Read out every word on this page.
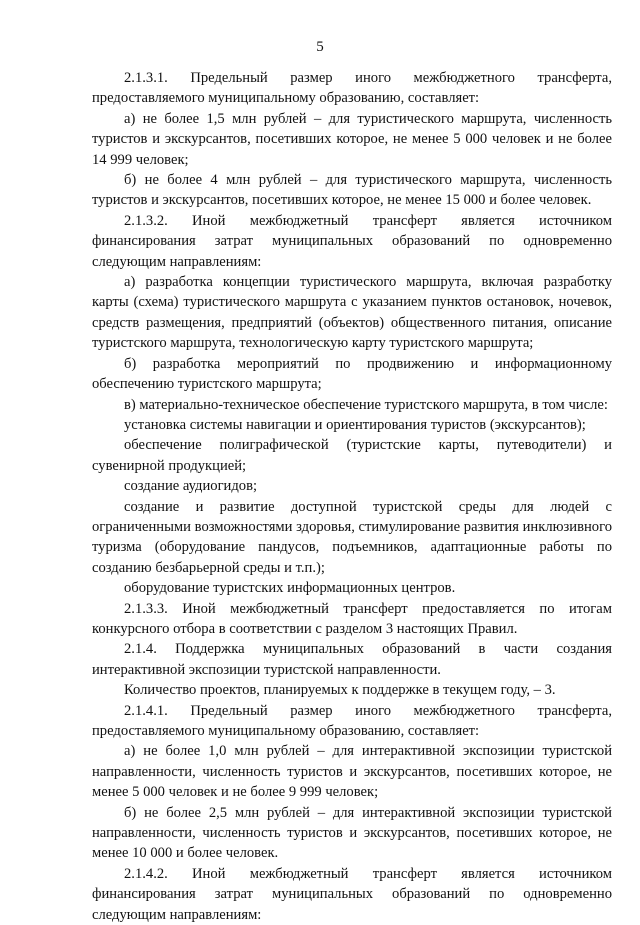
5

2.1.3.1. Предельный размер иного межбюджетного трансферта, предоставляемого муниципальному образованию, составляет:

а) не более 1,5 млн рублей – для туристического маршрута, численность туристов и экскурсантов, посетивших которое, не менее 5 000 человек и не более 14 999 человек;

б) не более 4 млн рублей – для туристического маршрута, численность туристов и экскурсантов, посетивших которое, не менее 15 000 и более человек.

2.1.3.2. Иной межбюджетный трансферт является источником финансирования затрат муниципальных образований по одновременно следующим направлениям:

а) разработка концепции туристического маршрута, включая разработку карты (схема) туристического маршрута с указанием пунктов остановок, ночевок, средств размещения, предприятий (объектов) общественного питания, описание туристского маршрута, технологическую карту туристского маршрута;

б) разработка мероприятий по продвижению и информационному обеспечению туристского маршрута;

в) материально-техническое обеспечение туристского маршрута, в том числе:

установка системы навигации и ориентирования туристов (экскурсантов);

обеспечение полиграфической (туристские карты, путеводители) и сувенирной продукцией;

создание аудиогидов;

создание и развитие доступной туристской среды для людей с ограниченными возможностями здоровья, стимулирование развития инклюзивного туризма (оборудование пандусов, подъемников, адаптационные работы по созданию безбарьерной среды и т.п.);

оборудование туристских информационных центров.

2.1.3.3. Иной межбюджетный трансферт предоставляется по итогам конкурсного отбора в соответствии с разделом 3 настоящих Правил.

2.1.4. Поддержка муниципальных образований в части создания интерактивной экспозиции туристской направленности.

Количество проектов, планируемых к поддержке в текущем году, – 3.

2.1.4.1. Предельный размер иного межбюджетного трансферта, предоставляемого муниципальному образованию, составляет:

а) не более 1,0 млн рублей – для интерактивной экспозиции туристской направленности, численность туристов и экскурсантов, посетивших которое, не менее 5 000 человек и не более 9 999 человек;

б) не более 2,5 млн рублей – для интерактивной экспозиции туристской направленности, численность туристов и экскурсантов, посетивших которое, не менее 10 000 и более человек.

2.1.4.2. Иной межбюджетный трансферт является источником финансирования затрат муниципальных образований по одновременно следующим направлениям:
